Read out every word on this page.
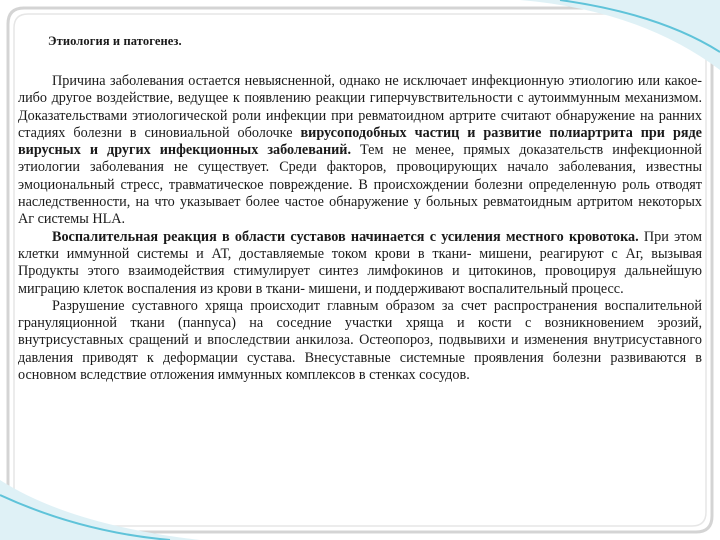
Этиология и патогенез.

Причина заболевания остается невыясненной, однако не исключает инфекционную этиологию или какое- либо другое воздействие, ведущее к появлению реакции гиперчувствительности с аутоиммунным механизмом. Доказательствами этиологической роли инфекции при ревматоидном артрите считают обнаружение на ранних стадиях болезни в синовиальной оболочке вирусоподобных частиц и развитие полиартрита при ряде вирусных и других инфекционных заболеваний. Тем не менее, прямых доказательств инфекционной этиологии заболевания не существует. Среди факторов, провоцирующих начало заболевания, известны эмоциональный стресс, травматическое повреждение. В происхождении болезни определенную роль отводят наследственности, на что указывает более частое обнаружение у больных ревматоидным артритом некоторых Аг системы HLA.

Воспалительная реакция в области суставов начинается с усиления местного кровотока. При этом клетки иммунной системы и АТ, доставляемые током крови в ткани- мишени, реагируют с Аг, вызывая Продукты этого взаимодействия стимулирует синтез лимфокинов и цитокинов, провоцируя дальнейшую миграцию клеток воспаления из крови в ткани- мишени, и поддерживают воспалительный процесс.

Разрушение суставного хряща происходит главным образом за счет распространения воспалительной грануляционной ткани (панnуса) на соседние участки хряща и кости с возникновением эрозий, внутрисуставных сращений и впоследствии анкилоза. Остеопороз, подвывихи и изменения внутрисуставного давления приводят к деформации сустава. Внесуставные системные проявления болезни развиваются в основном вследствие отложения иммунных комплексов в стенках сосудов.
